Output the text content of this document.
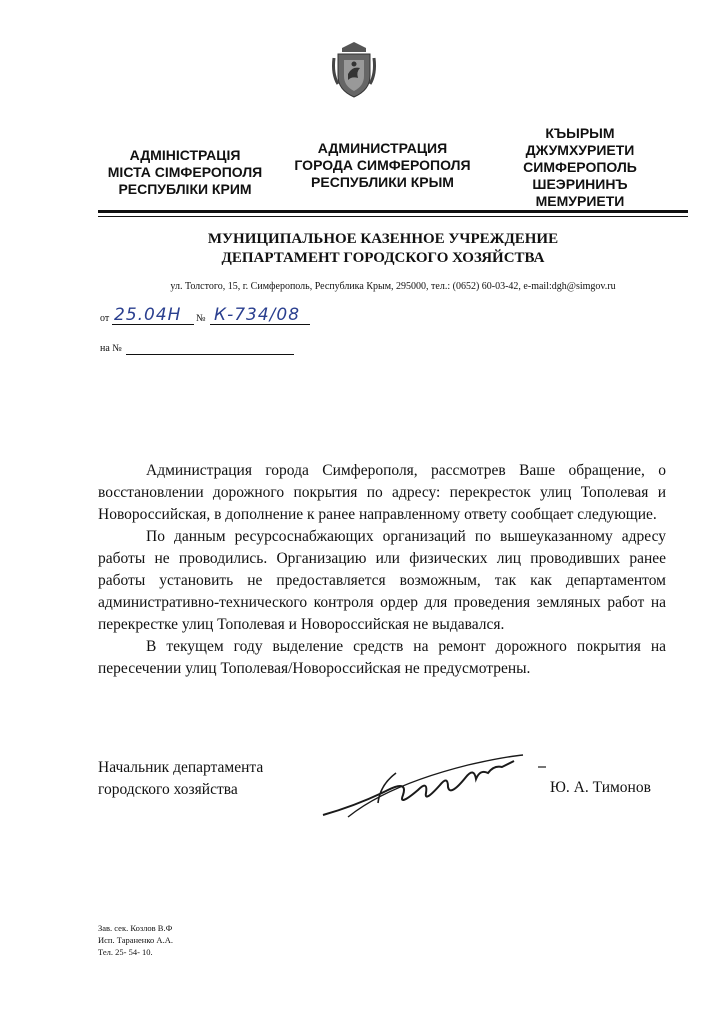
АДМІНІСТРАЦІЯ
МІСТА СІМФЕРОПОЛЯ
РЕСПУБЛІКИ КРИМ
АДМИНИСТРАЦИЯ
ГОРОДА СИМФЕРОПОЛЯ
РЕСПУБЛИКИ КРЫМ
КЪЫРЫМ
ДЖУМХУРИЕТИ
СИМФЕРОПОЛЬ
ШЕЭРИНИНЪ
МЕМУРИЕТИ
МУНИЦИПАЛЬНОЕ КАЗЕННОЕ УЧРЕЖДЕНИЕ
ДЕПАРТАМЕНТ ГОРОДСКОГО ХОЗЯЙСТВА
ул. Толстого, 15, г. Симферополь, Республика Крым, 295000, тел.: (0652) 60-03-42, e-mail:dgh@simgov.ru
от 25.04Н № К-734/08
на №

Администрация города Симферополя, рассмотрев Ваше обращение, о восстановлении дорожного покрытия по адресу: перекресток улиц Тополевая и Новороссийская, в дополнение к ранее направленному ответу сообщает следующие.

По данным ресурсоснабжающих организаций по вышеуказанному адресу работы не проводились. Организацию или физических лиц проводивших ранее работы установить не предоставляется возможным, так как департаментом административно-технического контроля ордер для проведения земляных работ на перекрестке улиц Тополевая и Новороссийская не выдавался.

В текущем году выделение средств на ремонт дорожного покрытия на пересечении улиц Тополевая/Новороссийская не предусмотрены.

Начальник департамента
городского хозяйства	Ю. А. Тимонов
Зав. сек. Козлов В.Ф
Исп. Тараненко А.А.
Тел. 25- 54- 10.
